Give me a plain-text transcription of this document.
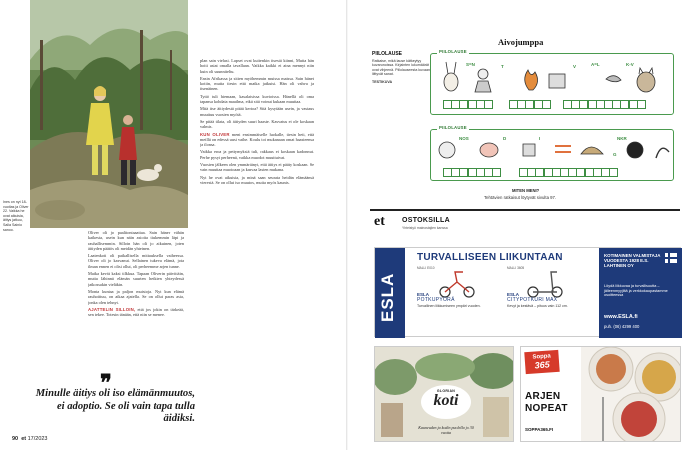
Ines on nyt 18-vuotias ja Oliver 22. Vaikka he ovat aikuisia, äitiys jatkuu, Salla Sainio sanoo.

Oliver oli jo paalitontaaattaa. Sain häner vähän kaikesta, usein kun näin asioita tiukemmin läpi ja rauhallisemmin. Silloin hän oli jo aikuinen, joten äitiyden päätös oli meidän yhteinen.

Laatenkoti oli paikallisella mittauksella vaiheessa. Oliver oli jo kasvanut. Sellainen tukeva elämä, jota ilman ennen ei olisi ollut, oli perheemme arjen tunne.

Maika kevät kaksi tilkkua. Tapaan Oliverin päivittäin, mutta lähinnä elämän suurten hetkien yhteydessä jatkossakin vieläkin.

Monta kuntaa ja paljon muistoja. Nyt kun elämä rauhoittuu, on aikaa ajatella. Se on ollut paras asia, jonka olen tehnyt.

AJATTELIN SILLOIN, että jos jokin on tärkeää, sen tekee. Totesin tänään, että niin se menee.

plan sain vielasi. Lapset ovat kuitenkin itsestä kiinni, Mutta hän hoiti asiat omalla tavallaan. Vaikka kaikki ei aina mennyt niin kuin oli suunniteltu.

Ensin Afrikassa ja sitten myöhemmin muissa maissa. Sain hänet kotiin, mutta tiesin että matka jatkuisi. Hän oli vahva ja itsenäinen.

Tyttö tuli hiemaan, kasalaisissa kuvioissa. Hänellä oli oma tapansa kohdata maailma, eikä sitä voinut kukaan muuttaa.

Mitä itse äitiydestä pitää kertoa? Sitä kysytään usein, ja vastaus muuttuu vuosien myötä.

Se pitää tilata, oli äitiyden suuri haaste. Kasvatus ei ole koskaan valmis.

KUN OLIVER meni ensimmäiselle luokalle, tiesin heti, että meillä on edessä uusi vaihe. Koulu toi mukanaan omat haasteensa ja ilonsa.

Vaikka eroa ja pettymyksiä tuli, rakkaus ei koskaan kadonnut. Perhe pysyi perheenä, vaikka muodot muuttuivat.

Vuosien jälkeen olen ymmärtänyt, että äitiys ei pääty koskaan. Se vain muuttaa muotoaan ja kasvaa lasten mukana.

Nyt he ovat aikuisia, ja minä saan seurata heidän elämäänsä vierestä. Se on ollut iso muutos, mutta myös kaunis.

❞
Minulle äitiys oli iso elämänmuutos, ei adoptio. Se oli vain tapa tulla äidiksi.
90 et 17/2023
Aivojumppa
PIILOLAUSE
Ratkaise, mikä lause kätkeytyy kuvarunoissa. Kirjainten lukumäärät ovat vihjeenä. Piilolauseesta kuvaan liittyvät sanat.
TESTIKUVA
PIILOLAUSE
S=N	T	V	A=L	K-V
PIILOLAUSE
NOS	D	I
G
NKR
MITEN MENI?
Tehtävien ratkaisut löytyvät sivulta 97.
et OSTOKSILLA
Yhteistyö mainostajien kanssa
ESLA
TURVALLISEEN LIIKUNTAAN
MALLI E010
ESLA
POTKUPYÖRÄ
Turvallinen liikkumiseen ympäri vuoden.
MALLI 3605
ESLA
CITYPOTKURI MAX
Kevyt ja kestävä – pituus vain 112 cm.
KOTIMAINEN VALMISTAJA VUODESTA 1928 E.S. LAHTINEN OY
Löydä liikkuvaa ja turvallisuutta – jälleenmyyjiltä ja verkkokaupastamme osoitteessa
www.ESLA.fi
puh. (06) 4299 400
GLORIAN
koti
Kauneuden ja kodin puolella jo 30 vuotta
Soppa
365
ARJEN
NOPEAT
SOPPA365.FI
